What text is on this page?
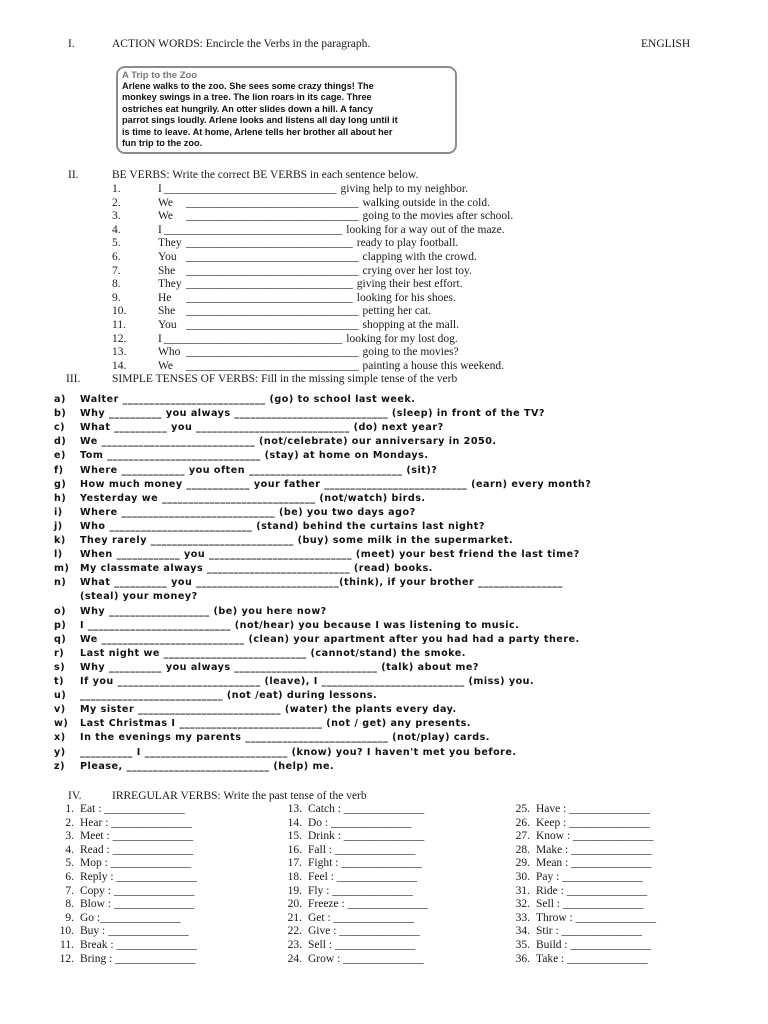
I.	ACTION WORDS: Encircle the Verbs in the paragraph.	ENGLISH
A Trip to the Zoo
Arlene walks to the zoo. She sees some crazy things! The
monkey swings in a tree. The lion roars in its cage. Three
ostriches eat hungrily. An otter slides down a hill. A fancy
parrot sings loudly. Arlene looks and listens all day long until it
is time to leave. At home, Arlene tells her brother all about her
fun trip to the zoo.
II.	BE VERBS: Write the correct BE VERBS in each sentence below.
1.	I ______________________________ giving help to my neighbor.
2.	We ______________________________ walking outside in the cold.
3.	We ______________________________ going to the movies after school.
4.	I _______________________________ looking for a way out of the maze.
5.	They _____________________________ ready to play football.
6.	You ______________________________ clapping with the crowd.
7.	She ______________________________ crying over her lost toy.
8.	They _____________________________ giving their best effort.
9.	He _____________________________ looking for his shoes.
10.	She ______________________________ petting her cat.
11.	You ______________________________ shopping at the mall.
12.	I _______________________________ looking for my lost dog.
13.	Who ______________________________ going to the movies?
14.	We ______________________________ painting a house this weekend.
III.	SIMPLE TENSES OF VERBS: Fill in the missing simple tense of the verb
a) Walter ___________________________ (go) to school last week.
b) Why __________ you always _____________________________ (sleep) in front of the TV?
c) What __________ you _____________________________ (do) next year?
d) We _____________________________ (not/celebrate) our anniversary in 2050.
e) Tom _____________________________ (stay) at home on Mondays.
f) Where ____________ you often _____________________________ (sit)?
g) How much money ____________ your father ___________________________ (earn) every month?
h) Yesterday we _____________________________ (not/watch) birds.
i) Where _____________________________ (be) you two days ago?
j) Who ___________________________ (stand) behind the curtains last night?
k) They rarely ___________________________ (buy) some milk in the supermarket.
l) When ____________ you ___________________________ (meet) your best friend the last time?
m) My classmate always ___________________________ (read) books.
n) What __________ you ___________________________(think), if your brother ________________
(steal) your money?
o) Why ___________________ (be) you here now?
p) I ___________________________ (not/hear) you because I was listening to music.
q) We ___________________________ (clean) your apartment after you had had a party there.
r) Last night we ___________________________ (cannot/stand) the smoke.
s) Why __________ you always ___________________________ (talk) about me?
t) If you ___________________________ (leave), I ___________________________ (miss) you.
u) ___________________________ (not /eat) during lessons.
v) My sister ___________________________ (water) the plants every day.
w) Last Christmas I ___________________________ (not / get) any presents.
x) In the evenings my parents ___________________________ (not/play) cards.
y) __________ I ___________________________ (know) you? I haven't met you before.
z) Please, ___________________________ (help) me.
IV.	IRREGULAR VERBS: Write the past tense of the verb
1. Eat : ______________
2. Hear : ______________
3. Meet : ______________
4. Read : ______________
5. Mop : ______________
6. Reply : ______________
7. Copy : ______________
8. Blow : ______________
9. Go :______________
10. Buy : ______________
11. Break : ______________
12. Bring : ______________
13. Catch : ______________
14. Do : ______________
15. Drink : ______________
16. Fall : ______________
17. Fight : ______________
18. Feel : ______________
19. Fly : ______________
20. Freeze : ______________
21. Get : ______________
22. Give : ______________
23. Sell : ______________
24. Grow : ______________
25. Have : ______________
26. Keep : ______________
27. Know : ______________
28. Make : ______________
29. Mean : ______________
30. Pay : ______________
31. Ride : ______________
32. Sell : ______________
33. Throw : ______________
34. Stir : ______________
35. Build : ______________
36. Take : ______________
